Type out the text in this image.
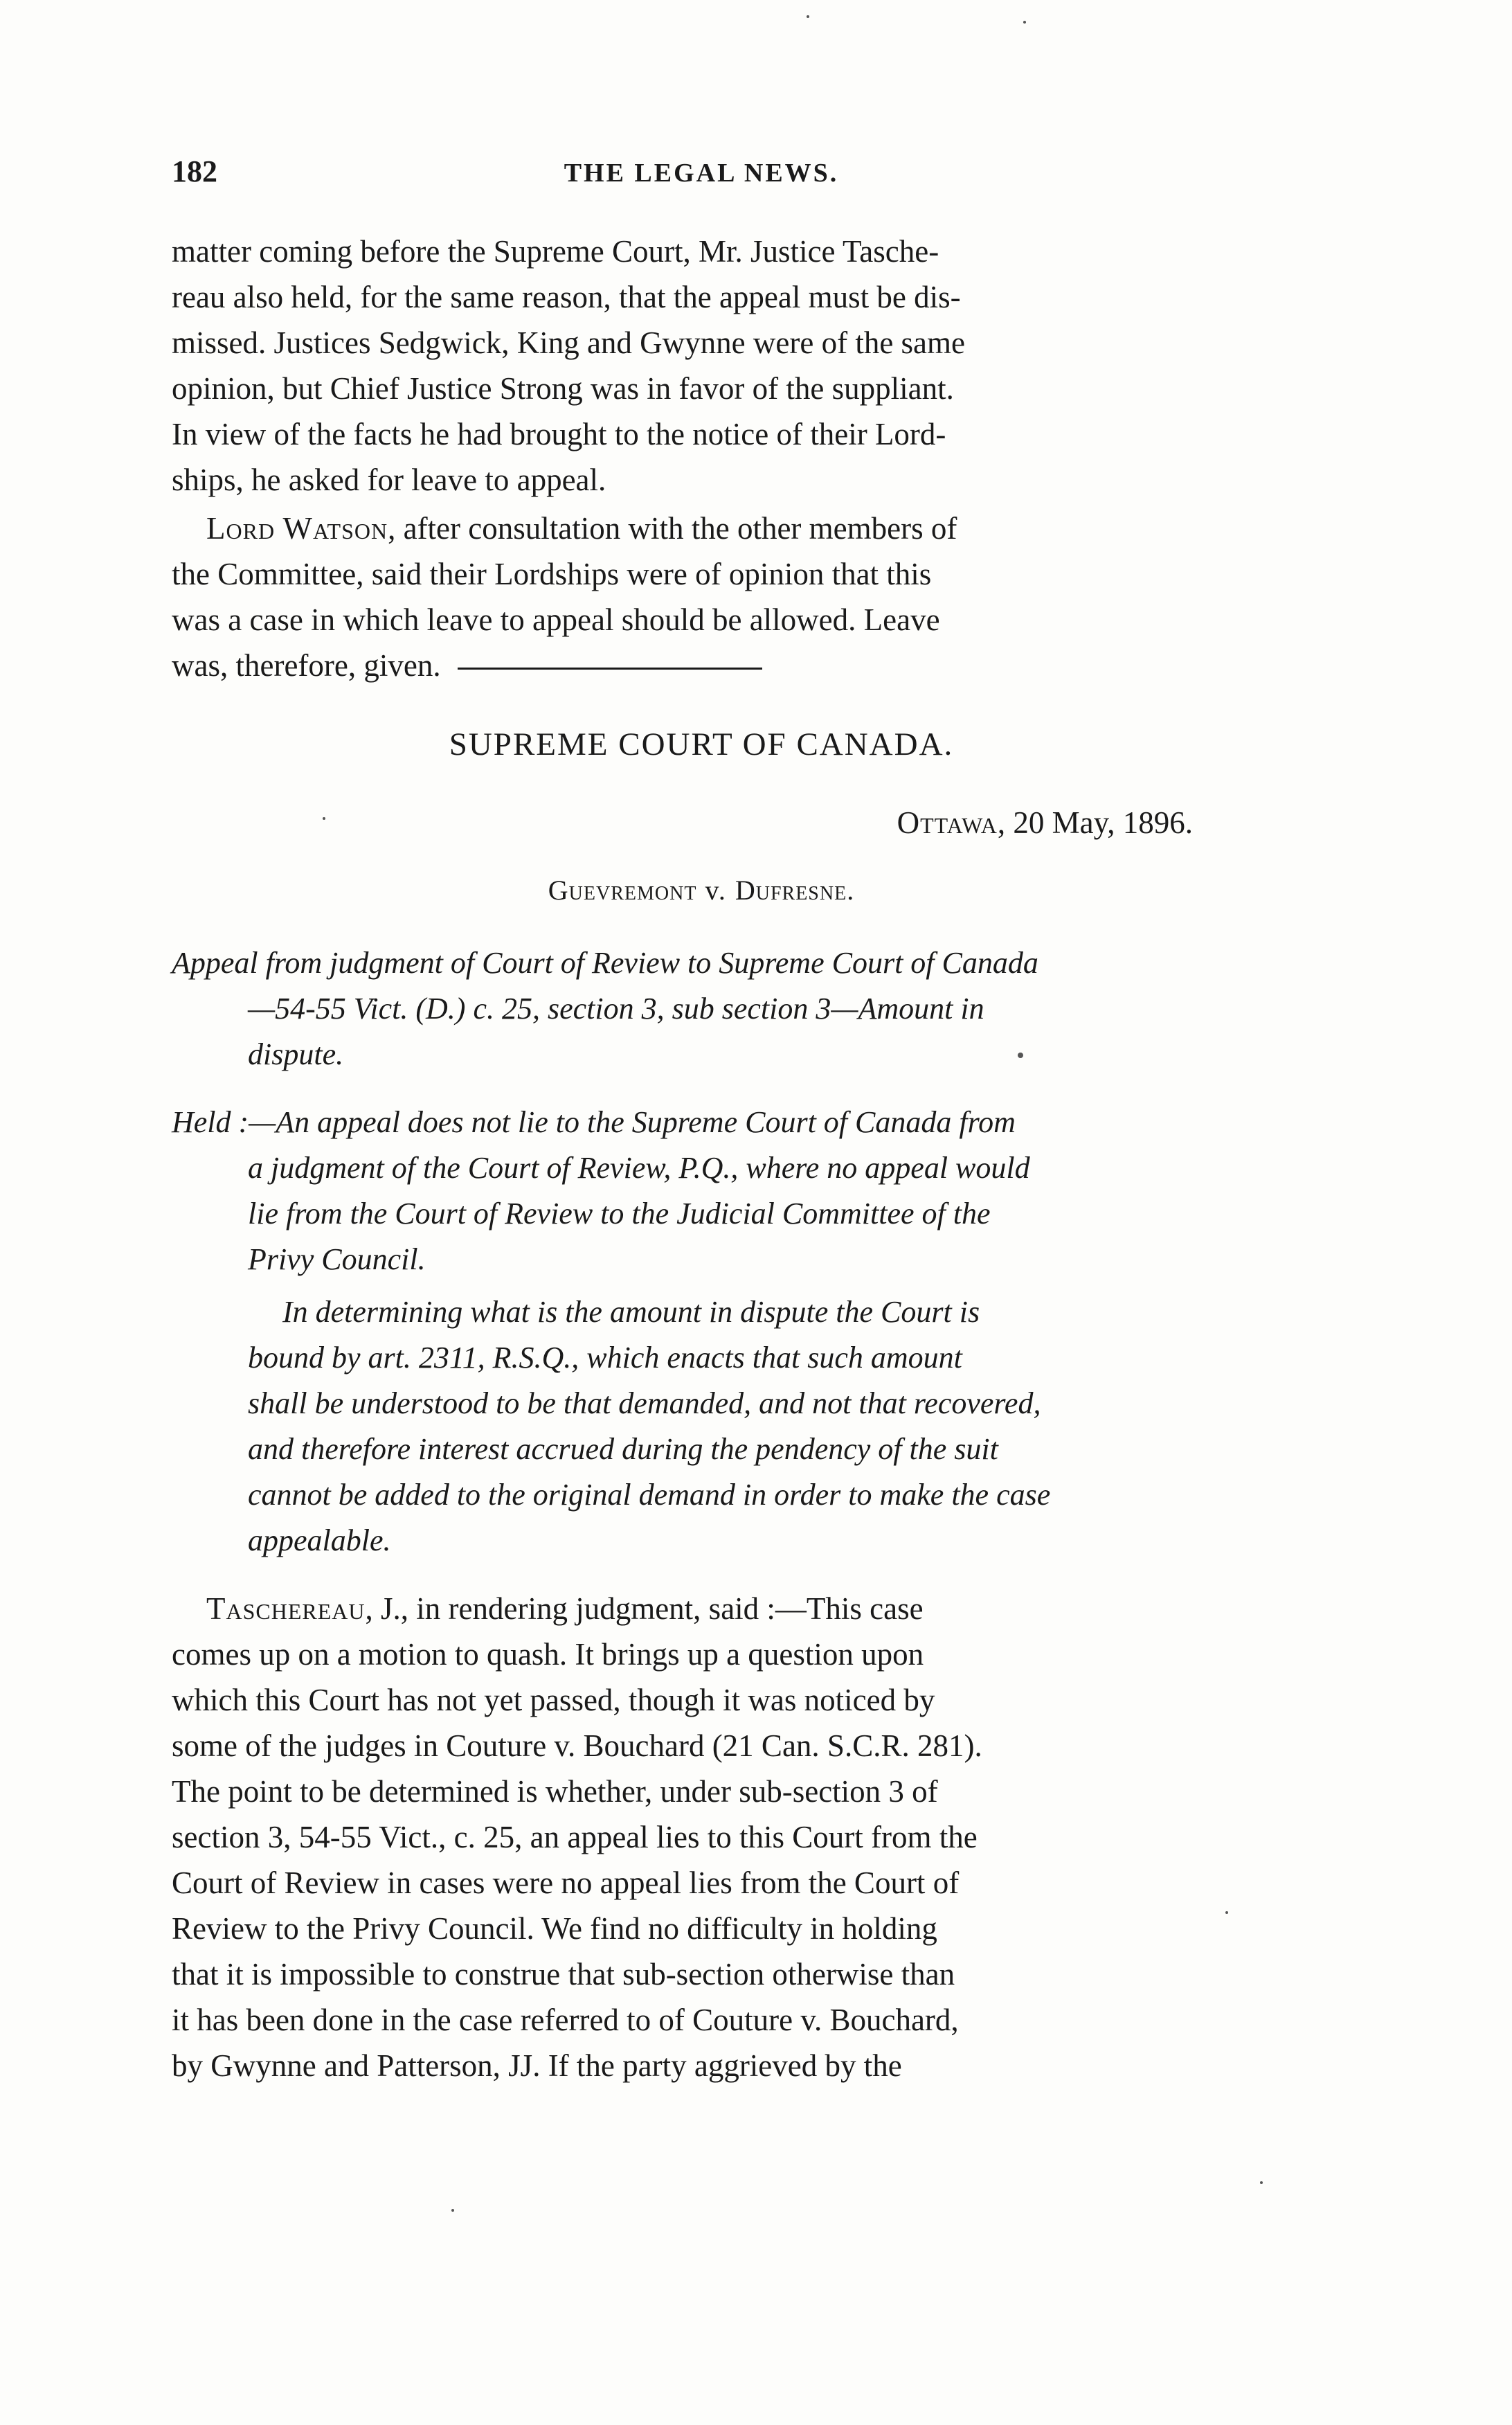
182	THE LEGAL NEWS.

matter coming before the Supreme Court, Mr. Justice Tasche-

reau also held, for the same reason, that the appeal must be dis-

missed. Justices Sedgwick, King and Gwynne were of the same

opinion, but Chief Justice Strong was in favor of the suppliant.

In view of the facts he had brought to the notice of their Lord-

ships, he asked for leave to appeal.

Lord Watson, after consultation with the other members of

the Committee, said their Lordships were of opinion that this

was a case in which leave to appeal should be allowed. Leave

was, therefore, given.

SUPREME COURT OF CANADA.
Ottawa, 20 May, 1896.
Guevremont v. Dufresne.

Appeal from judgment of Court of Review to Supreme Court of Canada

—54-55 Vict. (D.) c. 25, section 3, sub section 3—Amount in

dispute.

Held :—An appeal does not lie to the Supreme Court of Canada from

a judgment of the Court of Review, P.Q., where no appeal would

lie from the Court of Review to the Judicial Committee of the

Privy Council.

In determining what is the amount in dispute the Court is

bound by art. 2311, R.S.Q., which enacts that such amount

shall be understood to be that demanded, and not that recovered,

and therefore interest accrued during the pendency of the suit

cannot be added to the original demand in order to make the case

appealable.

Taschereau, J., in rendering judgment, said :—This case

comes up on a motion to quash. It brings up a question upon

which this Court has not yet passed, though it was noticed by

some of the judges in Couture v. Bouchard (21 Can. S.C.R. 281).

The point to be determined is whether, under sub-section 3 of

section 3, 54-55 Vict., c. 25, an appeal lies to this Court from the

Court of Review in cases were no appeal lies from the Court of

Review to the Privy Council. We find no difficulty in holding

that it is impossible to construe that sub-section otherwise than

it has been done in the case referred to of Couture v. Bouchard,

by Gwynne and Patterson, JJ. If the party aggrieved by the
